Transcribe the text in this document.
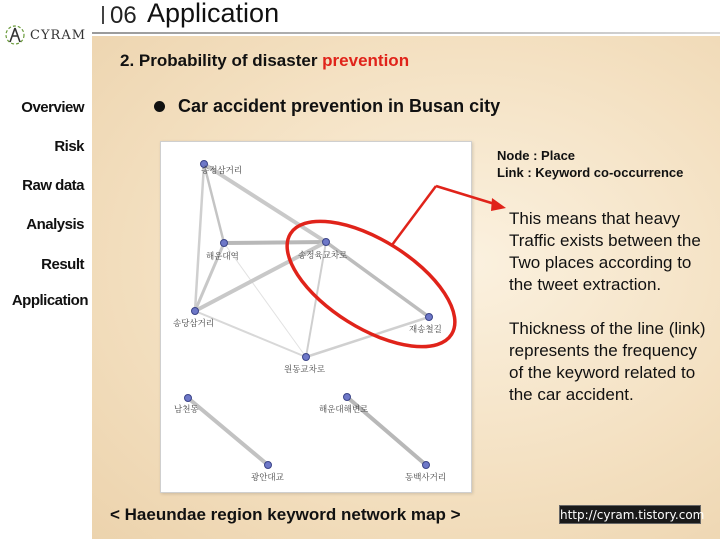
06 Application
CYRAM
Overview
Risk
Raw data
Analysis
Result
Application
2. Probability of disaster prevention
Car accident prevention in Busan city
송정삼거리
해운대역	송정육교차로
송당삼거리
재송철길
원동교차로
남천동
광안대교
해운대해변로
동백사거리
Node : Place
Link : Keyword co-occurrence

This means that heavy Traffic exists between the Two places according to the tweet extraction.

Thickness of the line (link) represents the frequency of the keyword related to the car accident.

< Haeundae region keyword network map >	http://cyram.tistory.com
